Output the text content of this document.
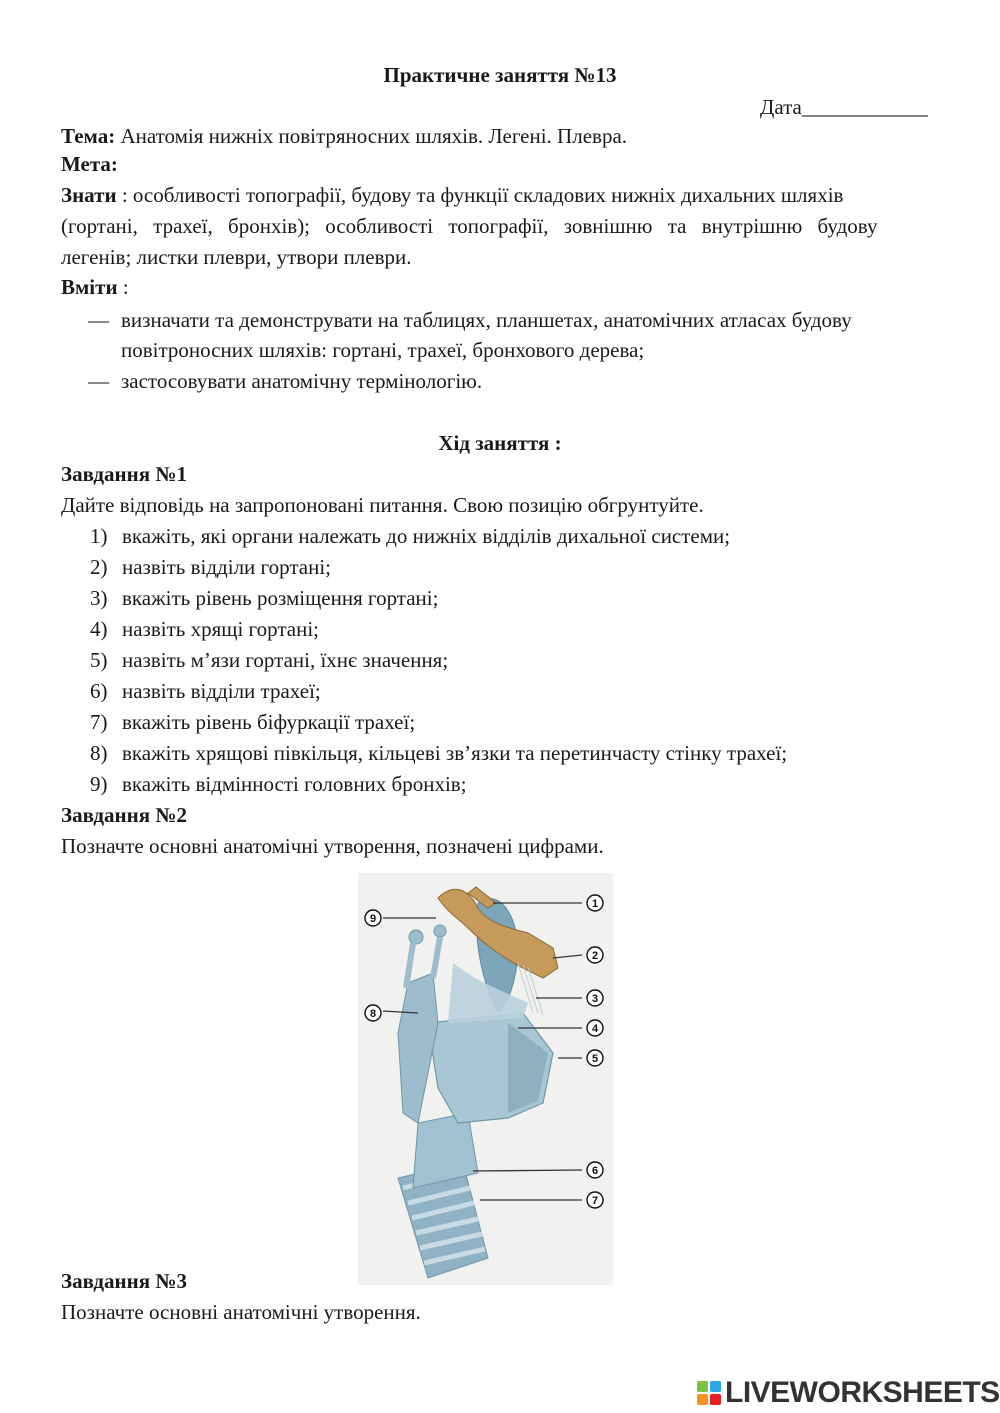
Практичне заняття №13
Дата____________
Тема: Анатомія нижніх повітряносних шляхів. Легені. Плевра.
Мета:
Знати : особливості топографії, будову та функції складових нижніх дихальних шляхів
(гортані, трахеї, бронхів); особливості топографії, зовнішню та внутрішню будову
легенів; листки плеври, утвори плеври.
Вміти :
— визначати та демонструвати на таблицях, планшетах, анатомічних атласах будову повітроносних шляхів: гортані, трахеї, бронхового дерева;
— застосовувати анатомічну термінологію.
Хід заняття :
Завдання №1
Дайте відповідь на запропоновані питання. Свою позицію обгрунтуйте.
1) вкажіть, які органи належать до нижніх відділів дихальної системи;
2) назвіть відділи гортані;
3) вкажіть рівень розміщення гортані;
4) назвіть хрящі гортані;
5) назвіть м’язи гортані, їхнє значення;
6) назвіть відділи трахеї;
7) вкажіть рівень біфуркації трахеї;
8) вкажіть хрящові півкільця, кільцеві зв’язки та перетинчасту стінку трахеї;
9) вкажіть відмінності головних бронхів;
Завдання №2
Позначте основні анатомічні утворення, позначені цифрами.
1
2
3
4
5
6
7
8
9
Завдання №3
Позначте основні анатомічні утворення.
LIVEWORKSHEETS
